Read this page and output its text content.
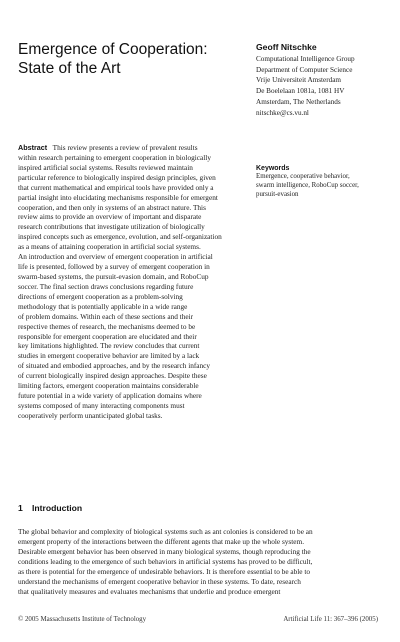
Emergence of Cooperation:
State of the Art
Geoff Nitschke
Computational Intelligence Group
Department of Computer Science
Vrije Universiteit Amsterdam
De Boelelaan 1081a, 1081 HV
Amsterdam, The Netherlands
nitschke@cs.vu.nl
Abstract This review presents a review of prevalent results
within research pertaining to emergent cooperation in biologically
inspired artificial social systems. Results reviewed maintain
particular reference to biologically inspired design principles, given
that current mathematical and empirical tools have provided only a
partial insight into elucidating mechanisms responsible for emergent
cooperation, and then only in systems of an abstract nature. This
review aims to provide an overview of important and disparate
research contributions that investigate utilization of biologically
inspired concepts such as emergence, evolution, and self-organization
as a means of attaining cooperation in artificial social systems.
An introduction and overview of emergent cooperation in artificial
life is presented, followed by a survey of emergent cooperation in
swarm-based systems, the pursuit-evasion domain, and RoboCup
soccer. The final section draws conclusions regarding future
directions of emergent cooperation as a problem-solving
methodology that is potentially applicable in a wide range
of problem domains. Within each of these sections and their
respective themes of research, the mechanisms deemed to be
responsible for emergent cooperation are elucidated and their
key limitations highlighted. The review concludes that current
studies in emergent cooperative behavior are limited by a lack
of situated and embodied approaches, and by the research infancy
of current biologically inspired design approaches. Despite these
limiting factors, emergent cooperation maintains considerable
future potential in a wide variety of application domains where
systems composed of many interacting components must
cooperatively perform unanticipated global tasks.
Keywords
Emergence, cooperative behavior,
swarm intelligence, RoboCup soccer,
pursuit-evasion
1 Introduction
The global behavior and complexity of biological systems such as ant colonies is considered to be an
emergent property of the interactions between the different agents that make up the whole system.
Desirable emergent behavior has been observed in many biological systems, though reproducing the
conditions leading to the emergence of such behaviors in artificial systems has proved to be difficult,
as there is potential for the emergence of undesirable behaviors. It is therefore essential to be able to
understand the mechanisms of emergent cooperative behavior in these systems. To date, research
that qualitatively measures and evaluates mechanisms that underlie and produce emergent
© 2005 Massachusetts Institute of Technology	Artificial Life 11: 367–396 (2005)
